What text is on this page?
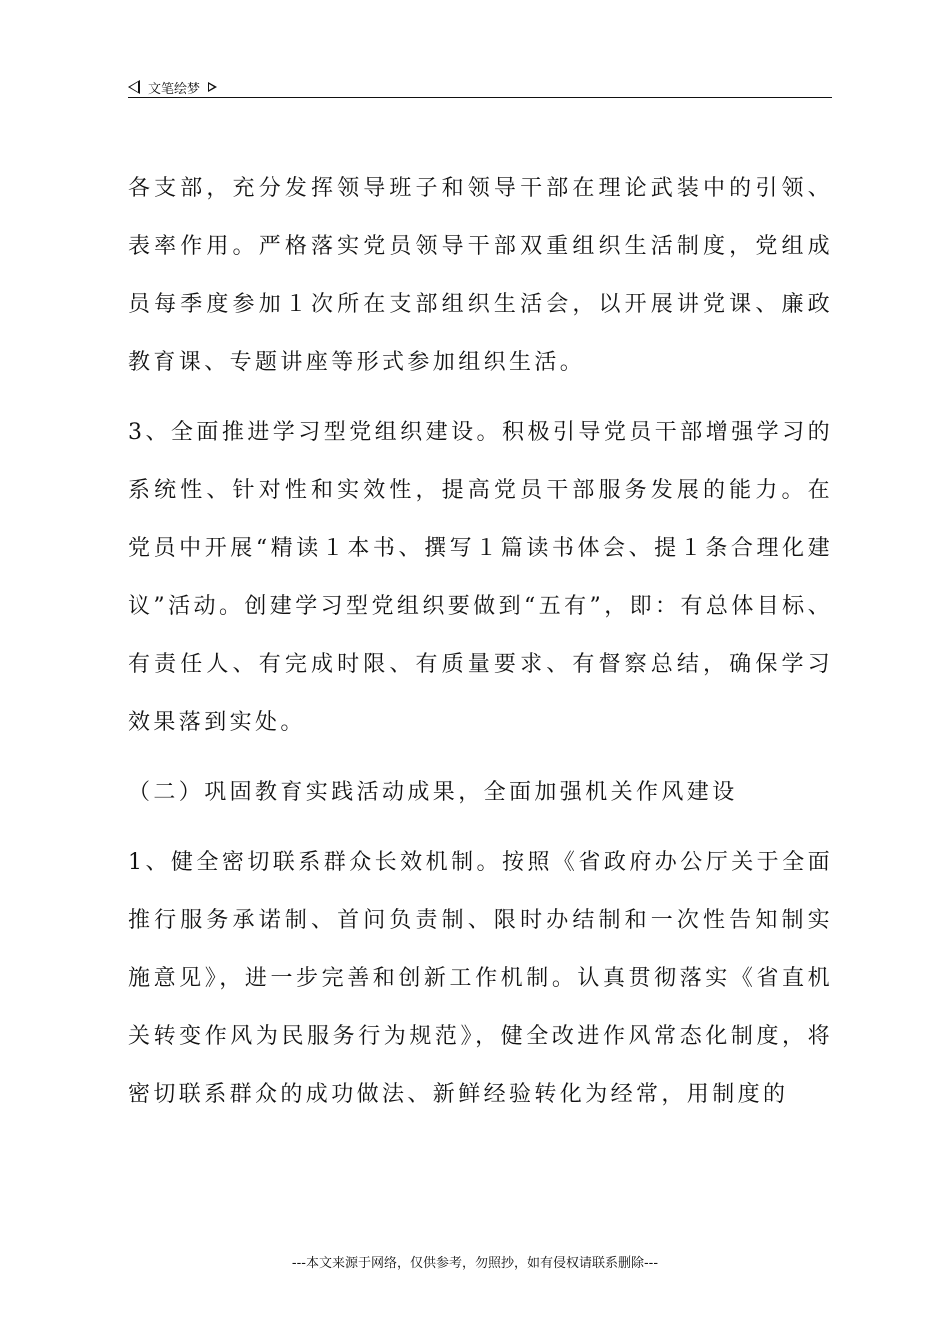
文笔绘梦

各支部，充分发挥领导班子和领导干部在理论武装中的引领、表率作用。严格落实党员领导干部双重组织生活制度，党组成员每季度参加１次所在支部组织生活会，以开展讲党课、廉政教育课、专题讲座等形式参加组织生活。

3、全面推进学习型党组织建设。积极引导党员干部增强学习的系统性、针对性和实效性，提高党员干部服务发展的能力。在党员中开展“精读１本书、撰写１篇读书体会、提１条合理化建议”活动。创建学习型党组织要做到“五有”，即：有总体目标、有责任人、有完成时限、有质量要求、有督察总结，确保学习效果落到实处。

（二）巩固教育实践活动成果，全面加强机关作风建设

1、健全密切联系群众长效机制。按照《省政府办公厅关于全面推行服务承诺制、首问负责制、限时办结制和一次性告知制实施意见》，进一步完善和创新工作机制。认真贯彻落实《省直机关转变作风为民服务行为规范》，健全改进作风常态化制度，将密切联系群众的成功做法、新鲜经验转化为经常，用制度的

---本文来源于网络，仅供参考，勿照抄，如有侵权请联系删除---
